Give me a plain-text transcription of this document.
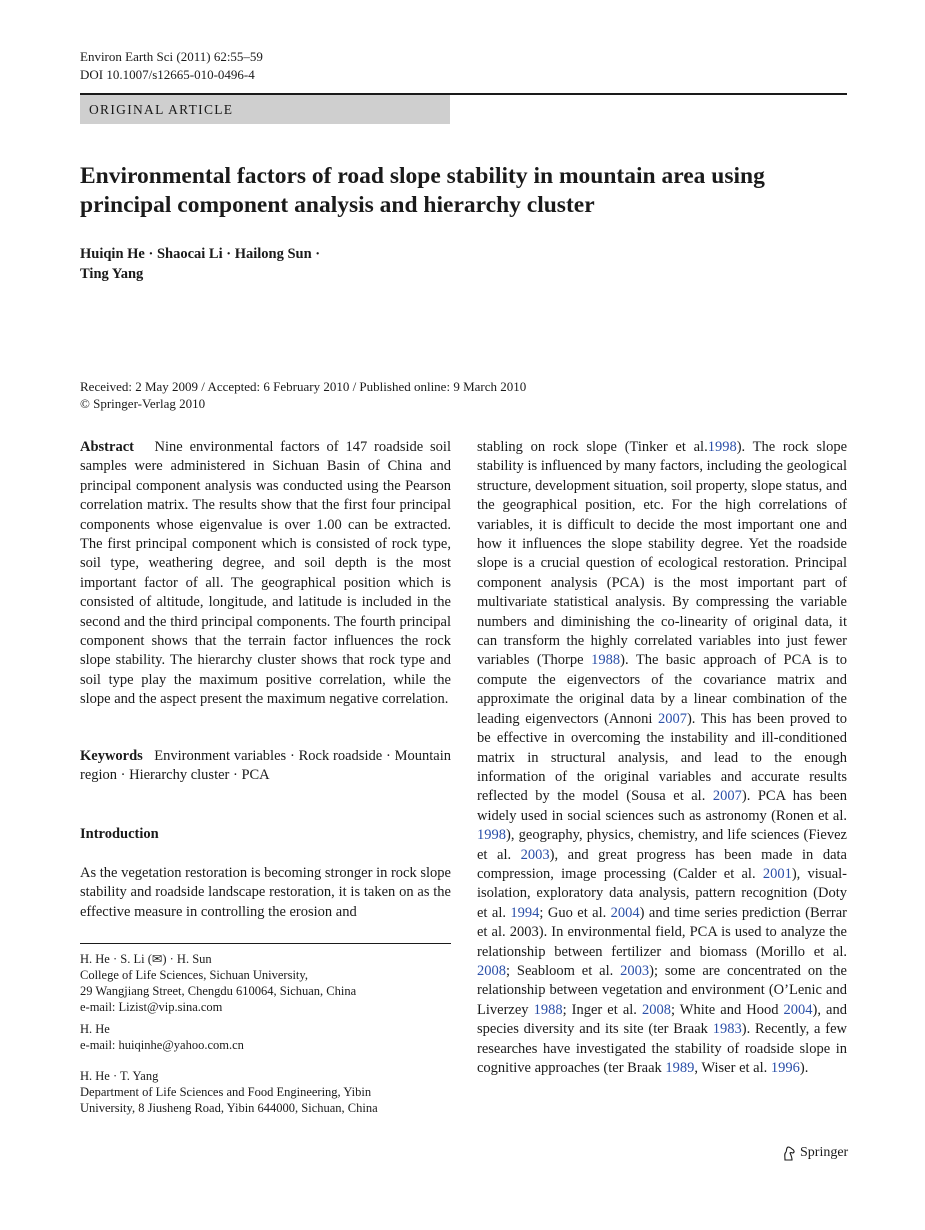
Environ Earth Sci (2011) 62:55–59
DOI 10.1007/s12665-010-0496-4
ORIGINAL ARTICLE
Environmental factors of road slope stability in mountain area using principal component analysis and hierarchy cluster
Huiqin He · Shaocai Li · Hailong Sun ·
Ting Yang
Received: 2 May 2009 / Accepted: 6 February 2010 / Published online: 9 March 2010
© Springer-Verlag 2010
Abstract Nine environmental factors of 147 roadside soil samples were administered in Sichuan Basin of China and principal component analysis was conducted using the Pearson correlation matrix. The results show that the first four principal components whose eigenvalue is over 1.00 can be extracted. The first principal component which is consisted of rock type, soil type, weathering degree, and soil depth is the most important factor of all. The geographical position which is consisted of altitude, longitude, and latitude is included in the second and the third principal components. The fourth principal component shows that the terrain factor influences the rock slope stability. The hierarchy cluster shows that rock type and soil type play the maximum positive correlation, while the slope and the aspect present the maximum negative correlation.
Keywords Environment variables · Rock roadside · Mountain region · Hierarchy cluster · PCA
Introduction
As the vegetation restoration is becoming stronger in rock slope stability and roadside landscape restoration, it is taken on as the effective measure in controlling the erosion and
H. He · S. Li (✉) · H. Sun
College of Life Sciences, Sichuan University,
29 Wangjiang Street, Chengdu 610064, Sichuan, China
e-mail: Lizist@vip.sina.com
H. He
e-mail: huiqinhe@yahoo.com.cn
H. He · T. Yang
Department of Life Sciences and Food Engineering, Yibin
University, 8 Jiusheng Road, Yibin 644000, Sichuan, China
stabling on rock slope (Tinker et al.1998). The rock slope stability is influenced by many factors, including the geological structure, development situation, soil property, slope status, and the geographical position, etc. For the high correlations of variables, it is difficult to decide the most important one and how it influences the slope stability degree. Yet the roadside slope is a crucial question of ecological restoration. Principal component analysis (PCA) is the most important part of multivariate statistical analysis. By compressing the variable numbers and diminishing the co-linearity of original data, it can transform the highly correlated variables into just fewer variables (Thorpe 1988). The basic approach of PCA is to compute the eigenvectors of the covariance matrix and approximate the original data by a linear combination of the leading eigenvectors (Annoni 2007). This has been proved to be effective in overcoming the instability and ill-conditioned matrix in structural analysis, and lead to the enough information of the original variables and accurate results reflected by the model (Sousa et al. 2007). PCA has been widely used in social sciences such as astronomy (Ronen et al. 1998), geography, physics, chemistry, and life sciences (Fievez et al. 2003), and great progress has been made in data compression, image processing (Calder et al. 2001), visual-isolation, exploratory data analysis, pattern recognition (Doty et al. 1994; Guo et al. 2004) and time series prediction (Berrar et al. 2003). In environmental field, PCA is used to analyze the relationship between fertilizer and biomass (Morillo et al. 2008; Seabloom et al. 2003); some are concentrated on the relationship between vegetation and environment (O’Lenic and Liverzey 1988; Inger et al. 2008; White and Hood 2004), and species diversity and its site (ter Braak 1983). Recently, a few researches have investigated the stability of roadside slope in cognitive approaches (ter Braak 1989, Wiser et al. 1996).
Springer
